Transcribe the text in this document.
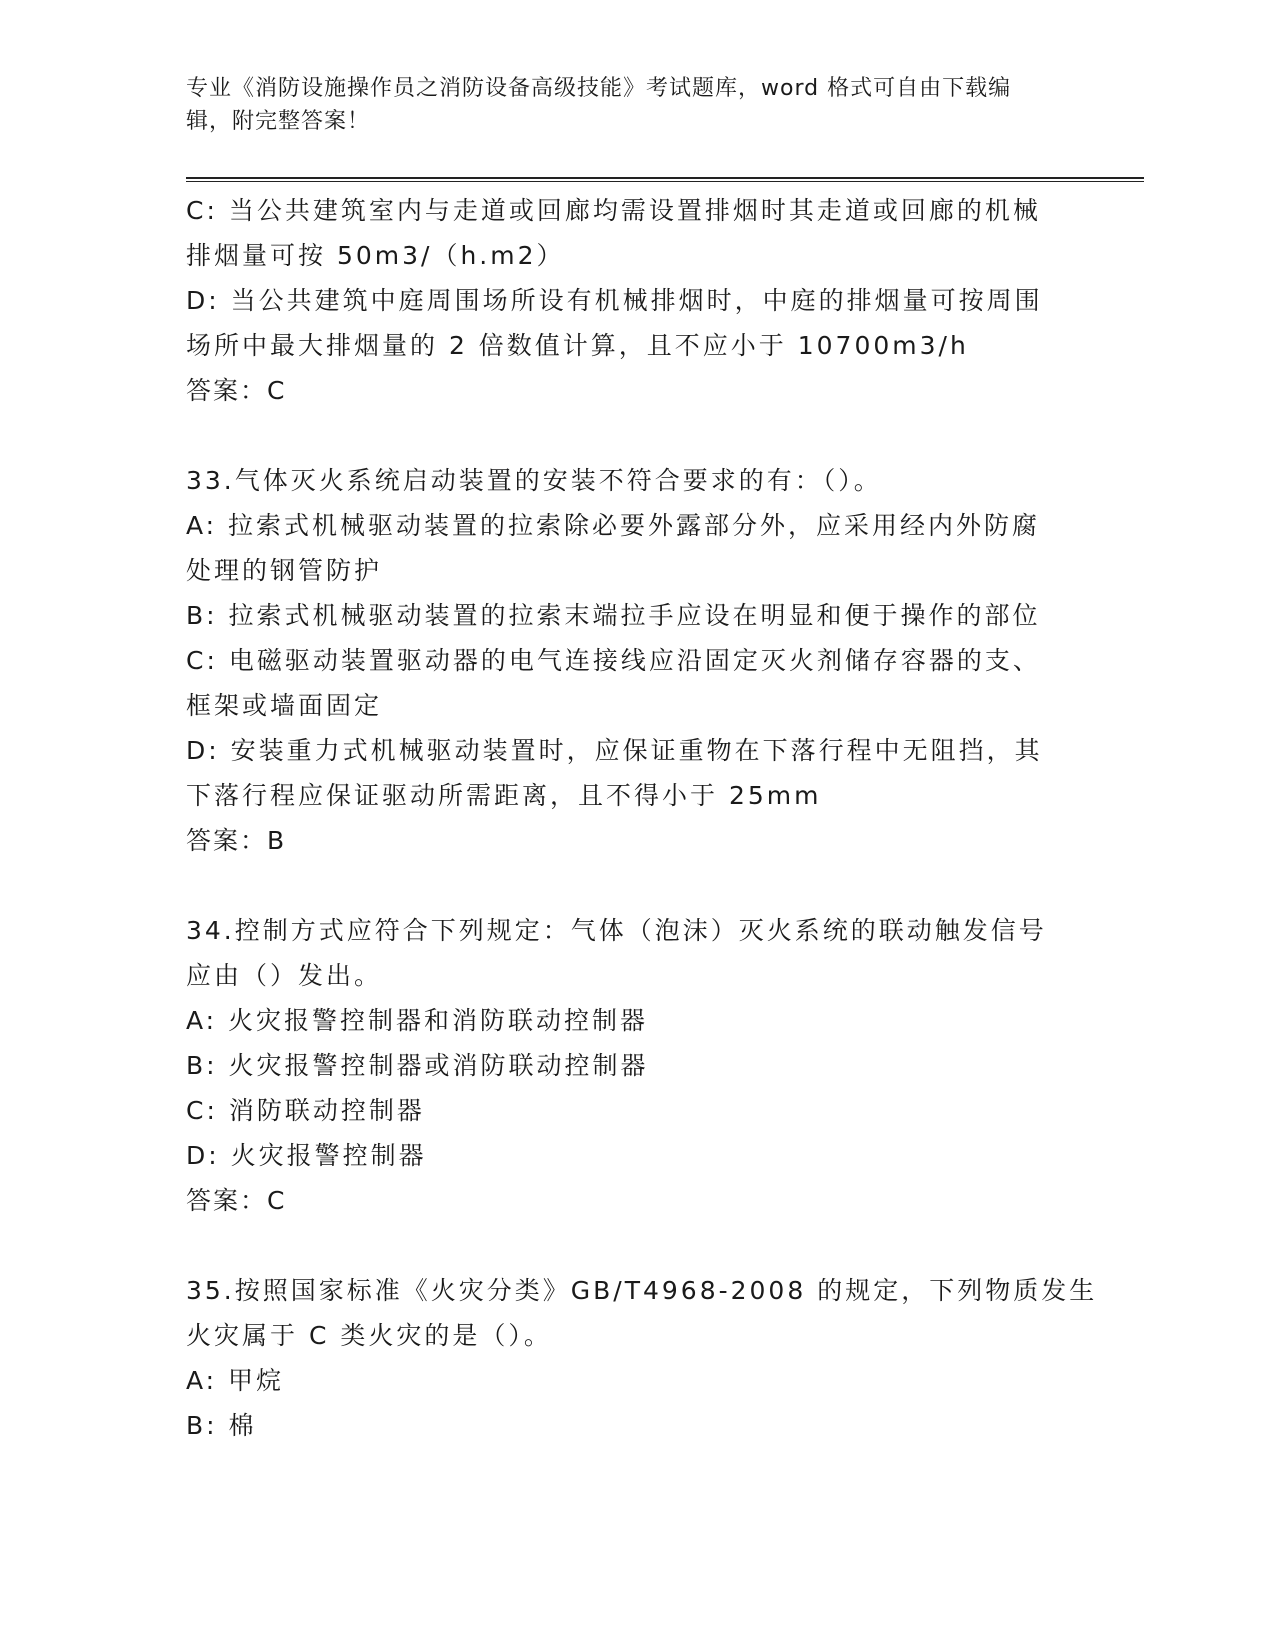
专业《消防设施操作员之消防设备高级技能》考试题库，word 格式可自由下载编
辑，附完整答案！
C: 当公共建筑室内与走道或回廊均需设置排烟时其走道或回廊的机械
排烟量可按 50m3/（h.m2）
D: 当公共建筑中庭周围场所设有机械排烟时，中庭的排烟量可按周围
场所中最大排烟量的 2 倍数值计算，且不应小于 10700m3/h
答案：C
33.气体灭火系统启动装置的安装不符合要求的有：（）。
A: 拉索式机械驱动装置的拉索除必要外露部分外，应采用经内外防腐
处理的钢管防护
B: 拉索式机械驱动装置的拉索末端拉手应设在明显和便于操作的部位
C: 电磁驱动装置驱动器的电气连接线应沿固定灭火剂储存容器的支、
框架或墙面固定
D: 安装重力式机械驱动装置时，应保证重物在下落行程中无阻挡，其
下落行程应保证驱动所需距离，且不得小于 25mm
答案：B
34.控制方式应符合下列规定：气体（泡沫）灭火系统的联动触发信号
应由（）发出。
A: 火灾报警控制器和消防联动控制器
B: 火灾报警控制器或消防联动控制器
C: 消防联动控制器
D: 火灾报警控制器
答案：C
35.按照国家标准《火灾分类》GB/T4968-2008 的规定，下列物质发生
火灾属于 C 类火灾的是（）。
A: 甲烷
B: 棉
